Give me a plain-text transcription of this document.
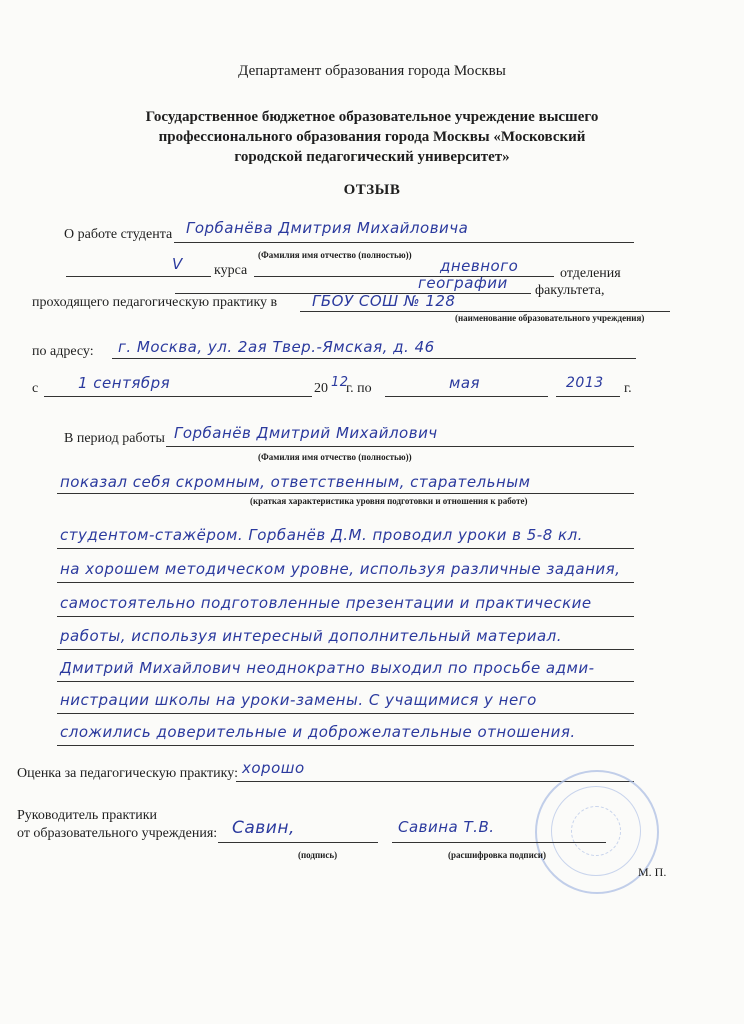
Департамент образования города Москвы
Государственное бюджетное образовательное учреждение высшего
профессионального образования города Москвы «Московский
городской педагогический университет»
ОТЗЫВ
О работе студента Горбанёва Дмитрия Михайловича
(Фамилия имя отчество (полностью))
V курса	дневного	отделения
географии факультета,
проходящего педагогическую практику в ГБОУ СОШ № 128
(наименование образовательного учреждения)
по адресу: г. Москва, ул. 2ая Твер.-Ямская, д. 46
с	1 сентября	20 12
г. по	мая	2013 г.
В период работы Горбанёв Дмитрий Михайлович
(Фамилия имя отчество (полностью))
показал себя скромным, ответственным, старательным
(краткая характеристика уровня подготовки и отношения к работе)
студентом-стажёром. Горбанёв Д.М. проводил уроки в 5-8 кл.
на хорошем методическом уровне, используя различные задания,
самостоятельно подготовленные презентации и практические
работы, используя интересный дополнительный материал.
Дмитрий Михайлович неоднократно выходил по просьбе адми-
нистрации школы на уроки-замены. С учащимися у него
сложились доверительные и доброжелательные отношения.
Оценка за педагогическую практику: хорошо
Руководитель практики
от образовательного учреждения: Савин,
(подпись)
Савина Т.В.
(расшифровка подписи)
М. П.
